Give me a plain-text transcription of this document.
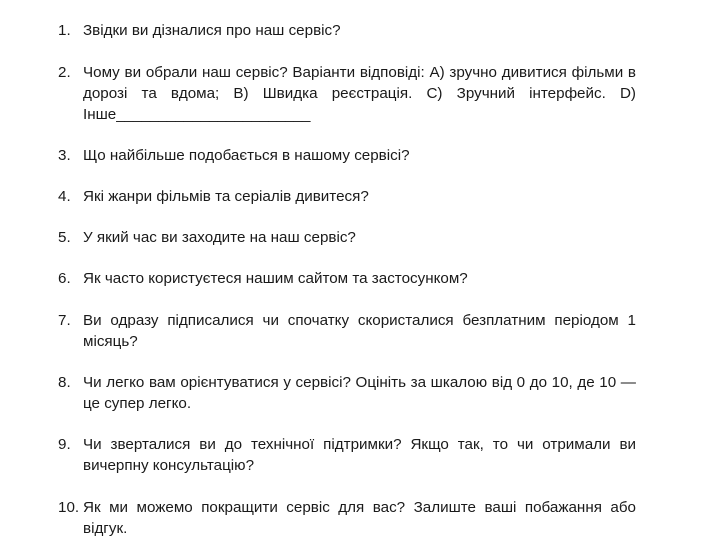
1. Звідки ви дізналися про наш сервіс?
2. Чому ви обрали наш сервіс? Варіанти відповіді: А) зручно дивитися фільми в дорозі та вдома; В) Швидка реєстрація. С) Зручний інтерфейс. D) Інше_______________________
3. Що найбільше подобається в нашому сервісі?
4. Які жанри фільмів та серіалів дивитеся?
5. У який час ви заходите на наш сервіс?
6. Як часто користуєтеся нашим сайтом та застосунком?
7. Ви одразу підписалися чи спочатку скористалися безплатним періодом 1 місяць?
8. Чи легко вам орієнтуватися у сервісі? Оцініть за шкалою від 0 до 10, де 10 — це супер легко.
9. Чи зверталися ви до технічної підтримки? Якщо так, то чи отримали ви вичерпну консультацію?
10. Як ми можемо покращити сервіс для вас? Залиште ваші побажання або відгук.
